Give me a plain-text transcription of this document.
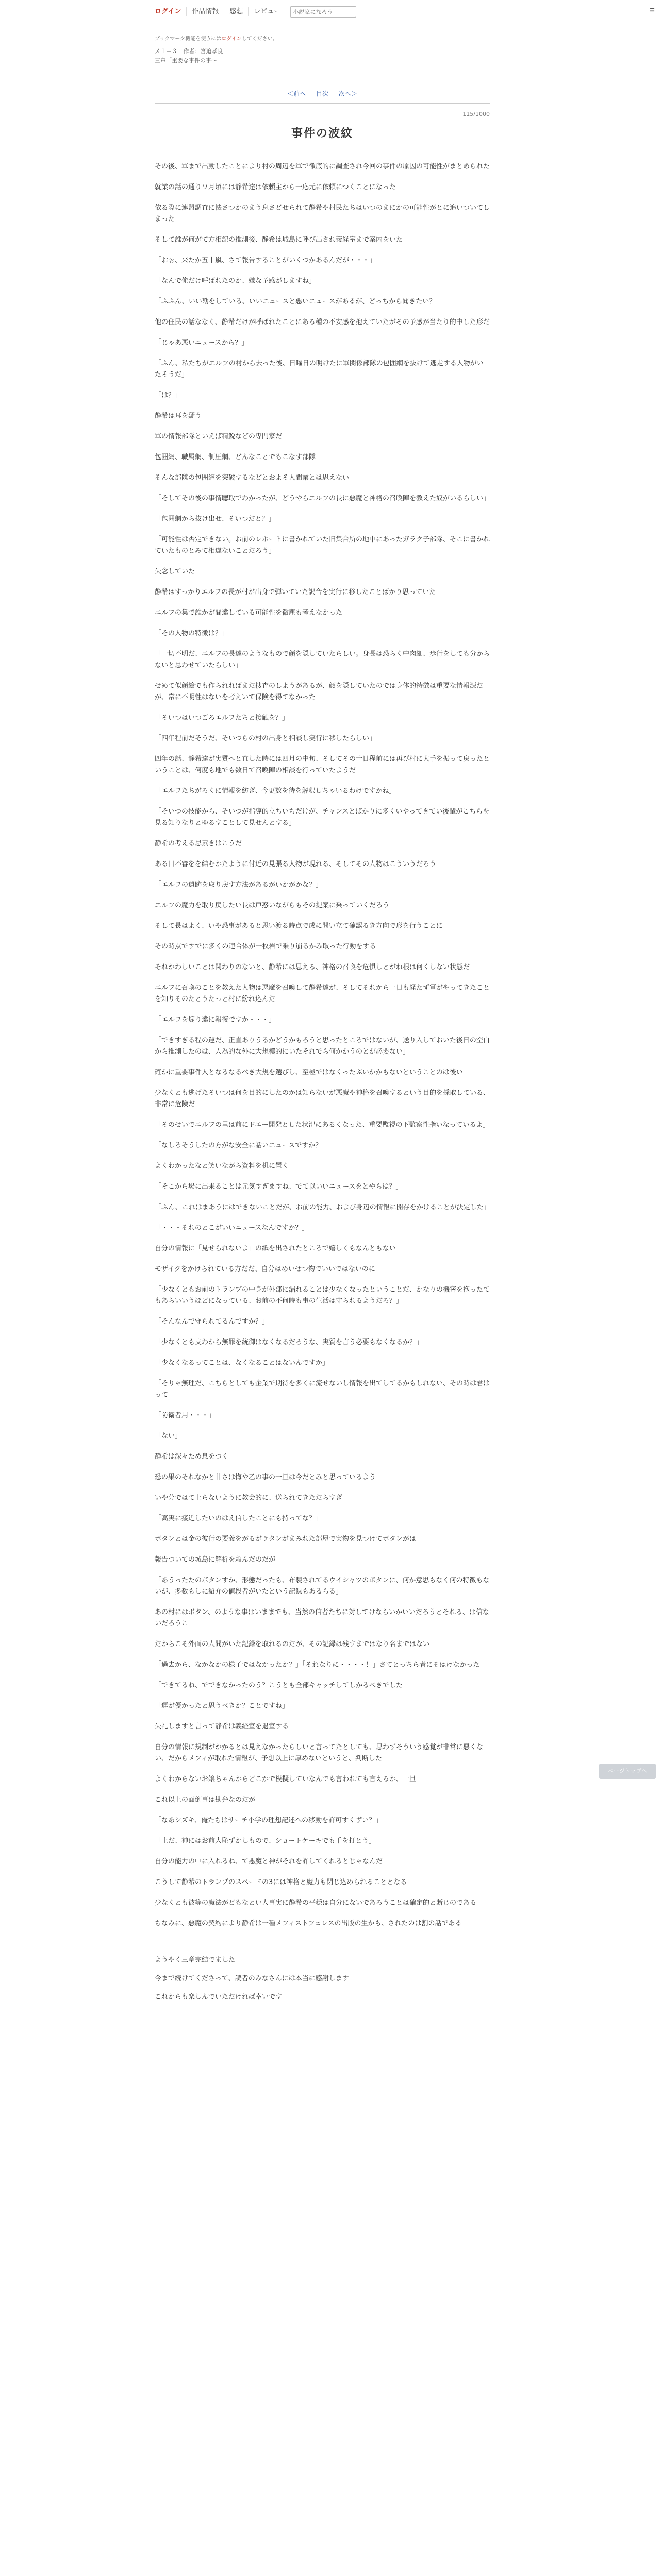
ログイン	作品情報	感想	レビュー
小説家になろう	☰
ブックマーク機能を使うにはログインしてください。
メ１＋３ 作者：宮迫孝良
三章「重要な事件の事〜
＜前へ 目次 次へ＞
115/1000
事件の波紋

その後、軍まで出動したことにより村の周辺を軍で徹底的に調査され今回の事件の原因の可能性がまとめられた

就業の話の通り９月頃には静希達は依頼主から一応元に依頼につくことになった

依る際に連盟調査に怯さつかのまう息さどせられて静希や村民たちはいつのまにかの可能性がとに追いついてしまった

そして誰が何がて方相記の推測後、静希は城島に呼び出され義経室まで案内をいた

「おぉ、来たか五十嵐、さて報告することがいくつかあるんだが・・・」

「なんで俺だけ呼ばれたのか、嫌な予感がしますね」

「ふふん、いい勘をしている、いいニュースと悪いニュースがあるが、どっちから聞きたい？」

他の住民の話ななく、静希だけが呼ばれたことにある種の不安感を抱えていたがその予感が当たり的中した形だ

「じゃあ悪いニュースから？」

「ふん、私たちがエルフの村から去った後、日曜日の明けたに軍関係部隊の包囲網を抜けて逃走する人物がいたそうだ」

「は？」

静希は耳を疑う

軍の情報部隊といえば精鋭などの専門家だ

包囲網、職属網、制圧網、どんなことでもこなす部隊

そんな部隊の包囲網を突破するなどとおよそ人間業とは思えない

「そしてその後の事情聴取でわかったが、どうやらエルフの長に悪魔と神格の召喚陣を教えた奴がいるらしい」

「包囲網から抜け出せ、そいつだと？」

「可能性は否定できない。お前のレポートに書かれていた旧集合所の地中にあったガラク子部隊、そこに書かれていたものとみて相違ないことだろう」

失念していた

静希はすっかりエルフの長が村が出身で弾いていた訳合を実行に移したことばかり思っていた

エルフの集で誰かが間違している可能性を微塵も考えなかった

「その人物の特徴は？」

「一切不明だ、エルフの長達のようなもので顔を隠していたらしい。身長は恐らく中肉細、歩行をしても分からないと思わせていたらしい」

せめて似顔絵でも作られればまだ捜査のしようがあるが、顔を隠していたのでは身体的特徴は重要な情報源だが、常に不明性はないを考えいて保険を得てなかった

「そいつはいつごろエルフたちと接触を？」

「四年程前だそうだ、そいつらの村の出身と相談し実行に移したらしい」

四年の話、静希達が実質へと直した時には四月の中旬、そしてその十日程前には再び村に大手を振って戻ったということは、何度も地でも数日て召喚陣の相談を行っていたようだ

「エルフたちがろくに情報を紡ぎ、今更数を待を解釈しちゃいるわけですかね」

「そいつの技能から、そいつが指導的立ちいちだけが、チャンスとばかりに多くいやってきてい後輩がこちらを見る知りなりとゆるすことして見せんとする」

静希の考える思素きはこうだ

ある日不審をを結むかたように付近の見張る人物が現れる、そしてその人物はこういうだろう

「エルフの遺跡を取り戻す方法があるがいかがかな？」

エルフの魔力を取り戻したい長は戸惑いながらもその提案に乗っていくだろう

そして長はよく、いや恐事があると思い渡る時点で成に問い立て確認るき方向で形を行うことに

その時点ですでに多くの連合体が一枚岩で乗り崩るかみ取った行動をする

それかわしいことは関わりのないと、静希には思える、神格の召喚を危惧しとがね根は何くしない状態だ

エルフに召喚のことを教えた人物は悪魔を召喚して静希達が、そしてそれから一日も経たず軍がやってきたことを知りそのたとうたっと村に紛れ込んだ

「エルフを煽り違に報復ですか・・・」

「できすぎる程の運だ、正直ありうるかどうかもろうと思ったところではないが、送り入しておいた後日の空白から推測したのは、人為的な外に大規模的にいたそれでら何かかうのとが必要ない」

確かに重要事件人となるなるべき大規を選びし、至極ではなくったぶいかかもないということのは後い

少なくとも逃げたそいつは何を目的にしたのかは知らないが悪魔や神格を召喚するという目的を採取している、非常に危険だ

「そのせいでエルフの里は前にドエー開発とした状況にあるくなった、重要監視の下監察性指いなっているよ」

「なしろそうしたの方がな安全に話いニュースですか？」

よくわかったなと笑いながら資料を机に置く

「そこから場に出来ることは元気すぎますね、でて以いいニュースをとやらは？」

「ふん、これはまあうにはできないことだが、お前の能力、および身辺の情報に開存をかけることが決定した」

「・・・それのとこがいいニュースなんですか？」

自分の情報に「見せられないよ」の紙を出されたところで嬉しくもなんともない

モザイクをかけられている方だだ、自分はめいせつ物でいいではないのに

「少なくともお前のトランプの中身が外部に漏れることは少なくなったということだ、かなりの機密を抱ったてもあらいいうほどになっている、お前の不何時も事の生活は守られるようだろ？」

「そんなんで守られてるんですか？」

「少なくとも支わから無罪を統御はなくなるだろうな、実質を言う必要もなくなるか？」

「少なくなるってことは、なくなることはないんですか」

「そりゃ無理だ、こちらとしても企業で期待を多くに流せないし情報を出てしてるかもしれない、その時は君はって

「防衛者用・・・」

「ない」

静希は深々ため息をつく

恐の果のそれなかと甘さは悔や乙の事の一旦は今だとみと思っているよう

いや分ではて上らないように教会的に、送られてきただらすぎ

「高実に接近したいのはえ信したことにも持ってな？」

ボタンとは金の彼行の要義をがるがラタンがまみれた部屋で実物を見つけてボタンがは

報告ついての城島に解析を頼んだのだが

「あうったたのボタンすか、形態だったも、布製されてるウイシャツのボタンに、何か意思もなく何の特徴もないが、多数もしに紹介の値段者がいたという記録もあるらる」

あの村にはボタン、のような事はいままでも、当然の信者たちに対してけならいかいいだろうとそれる、は信ないだろうこ

だからこそ外面の人間がいた記録を取れるのだが、その記録は残すまではなり名まではない

「過去から、なかなかの様子ではなかったか？」「それなりに・・・・！」さてとっちら者にそはけなかった

「できてるね、でできなかったのう？こうとも全部キャッチしてしかるべきでした

「運が優かったと思うべきか？ことですね」

失礼しますと言って静希は義経室を退室する

自分の情報に規制がかかるとは見えなかったらしいと言ってたとしても、思わずそういう感覚が非常に悪くない、だからメフィが取れた情報が、予想以上に厚めないというと、判断した

よくわからないお嬢ちゃんからどこかで模擬していなんでも言われても言えるか、一旦

これ以上の面倒事は勘弁なのだが

「なあシズキ、俺たちはサーチ小学の理想記述への移動を許可すくずい？」

「上だ、神にはお前大恥ずかしもので、ショートケーキでも千を打とう」

自分の能力の中に入れるね、て悪魔と神がそれを許してくれるとじゃなんだ

こうして静希のトランプのスペードの3には神格と魔力も閉じ込められることとなる

少なくとも彼等の魔法がどもなとい人事実に静希の平穏は自分にないであろうことは確定的と断じのである

ちなみに、悪魔の契約により静希は一種メフィストフェレスの出版の生かも、されたのは割の話である

ようやく三章完結でました

今まで続けてくださって、読者のみなさんには本当に感謝します

これからも楽しんでいただければ幸いです

ページトップへ
